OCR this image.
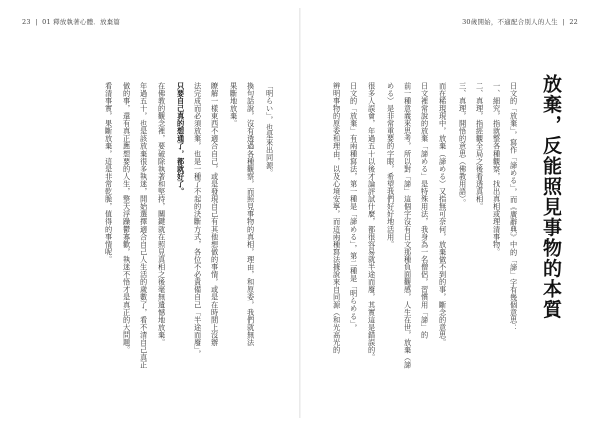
23  |  01 釋放執著心體．放棄篇	30歲開始，不適配合別人的人生  |  22
放棄，反能照見事物的本質
日文的「放棄」，寫作「諦める」，而《廣辭典》中的「諦」字有幾個意思：
一、細究，指就整各種觀察，找出真相或理清事物。
二、真理，指經觀全局之後看透真相。
三、真理，開悟的意思（佛教用語）。
而在稀現現中，放棄（諦める）又指無可奈何，放棄做不到的事，斷念的意思。
日文裡常說的放棄「諦める」是特殊用法，我身為一名僧侶，習慣用「諦」的
前一種意義來思考，所以對「諦」這個字沒有日文那種負面觀感，人生在世，放棄（諦
める）是非常重要的字眼，希望我們好好地活用。
很多人誤會，年過五十以後才論評試什麼，都很容易就半途而廢，其實這是錯誤的。
日文的「放棄」有兩種寫法，第一種是「諦める」，第二種是「明らめる」，
辨明事物的原委和理由，以及心境安寧，而這兩種寫法據說來自同源（和光高光的
「明らい」，也是來出同源。
換句話說，沒有透過各種觀察，而照見事物的真相，理由，和原委，我們就無法
果斷地放棄。
瞭解一樣東西不適合自己，或是發現自己有其他想做的事情，或是在時間上沒辦
法完成而必須放棄，也是一種了不起的決斷方式，各位不必責備自己「半途而廢」，
只要自己真的想通了，都就好了。
在佛教的觀念裡，要破除執著和堅持，關鍵就在照見真相之後毫無遺憾地放棄。
年過五十，也是該放棄很多執迷，開始選擇適合自己人生活的歲數了，看不清自己真正
做的事，還有真正應想要的人生，整天浮躁鬱寡歡，執迷不悟才是真正的大問題。
看清事實，果斷放棄，這是非常乾脆，值得的事情呢。
